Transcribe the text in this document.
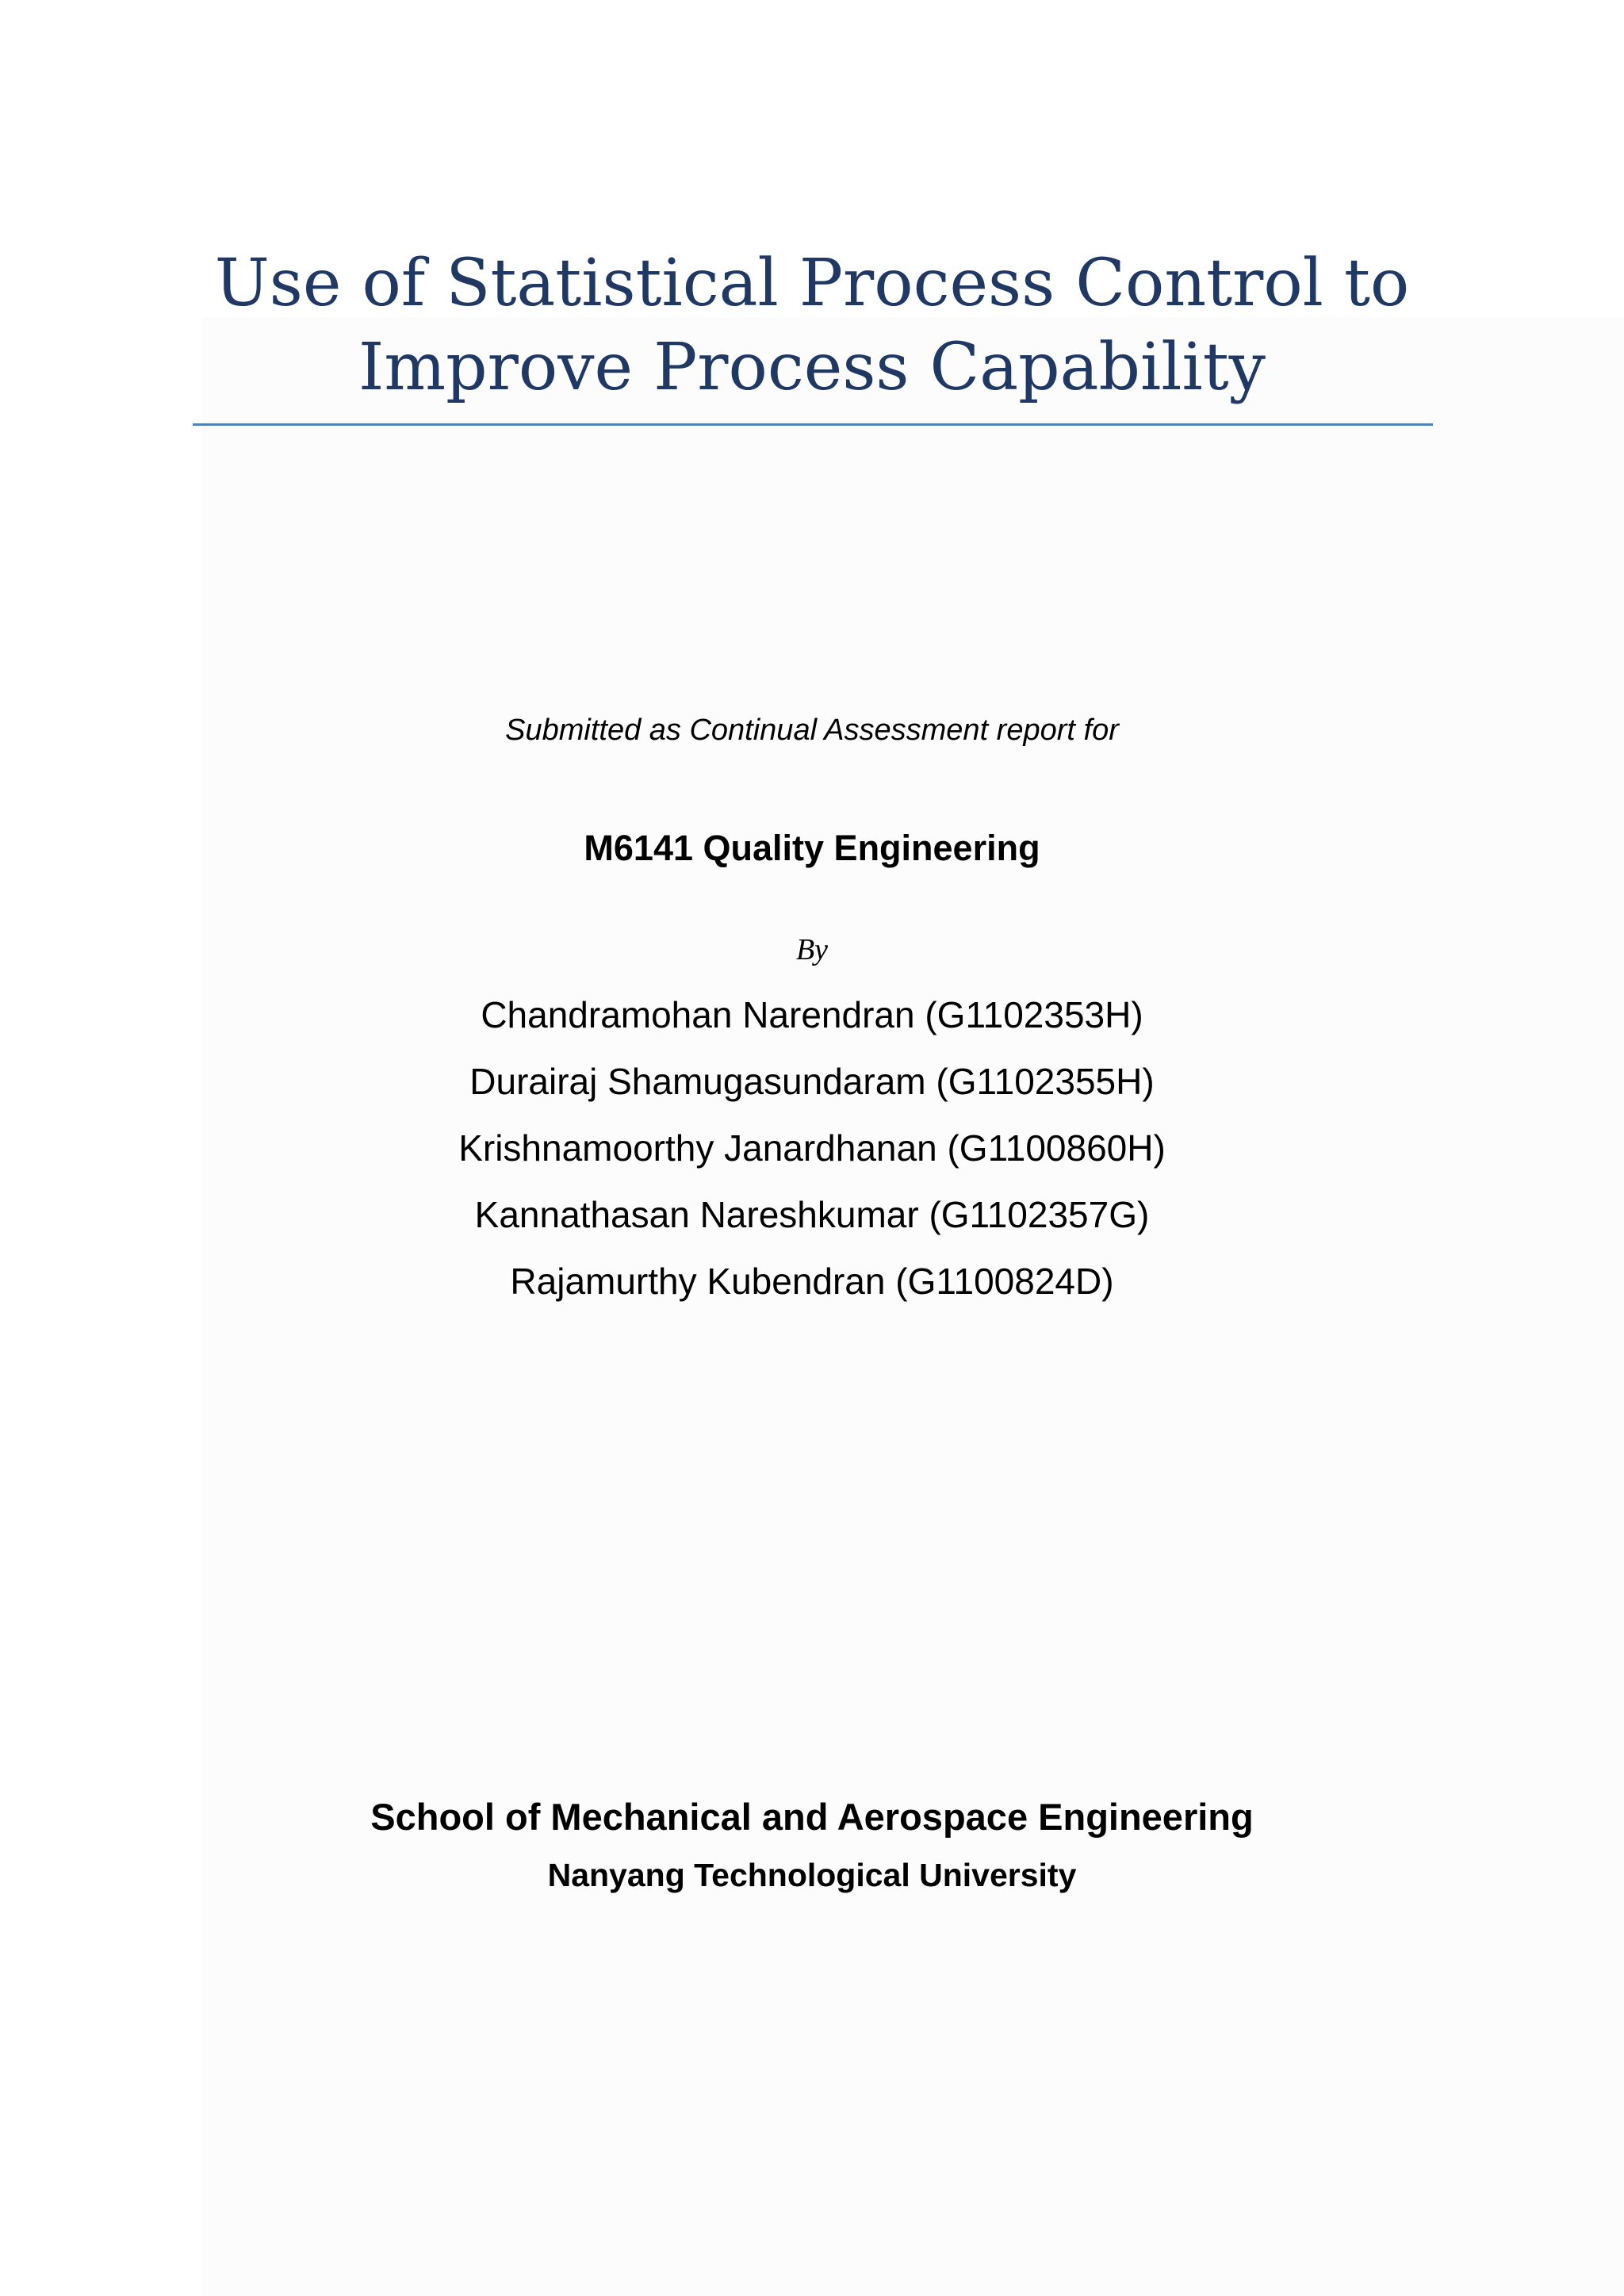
Use of Statistical Process Control to
Improve Process Capability
Submitted as Continual Assessment report for
M6141 Quality Engineering
By
Chandramohan Narendran (G1102353H)
Durairaj Shamugasundaram (G1102355H)
Krishnamoorthy Janardhanan (G1100860H)
Kannathasan Nareshkumar (G1102357G)
Rajamurthy Kubendran (G1100824D)
School of Mechanical and Aerospace Engineering
Nanyang Technological University
